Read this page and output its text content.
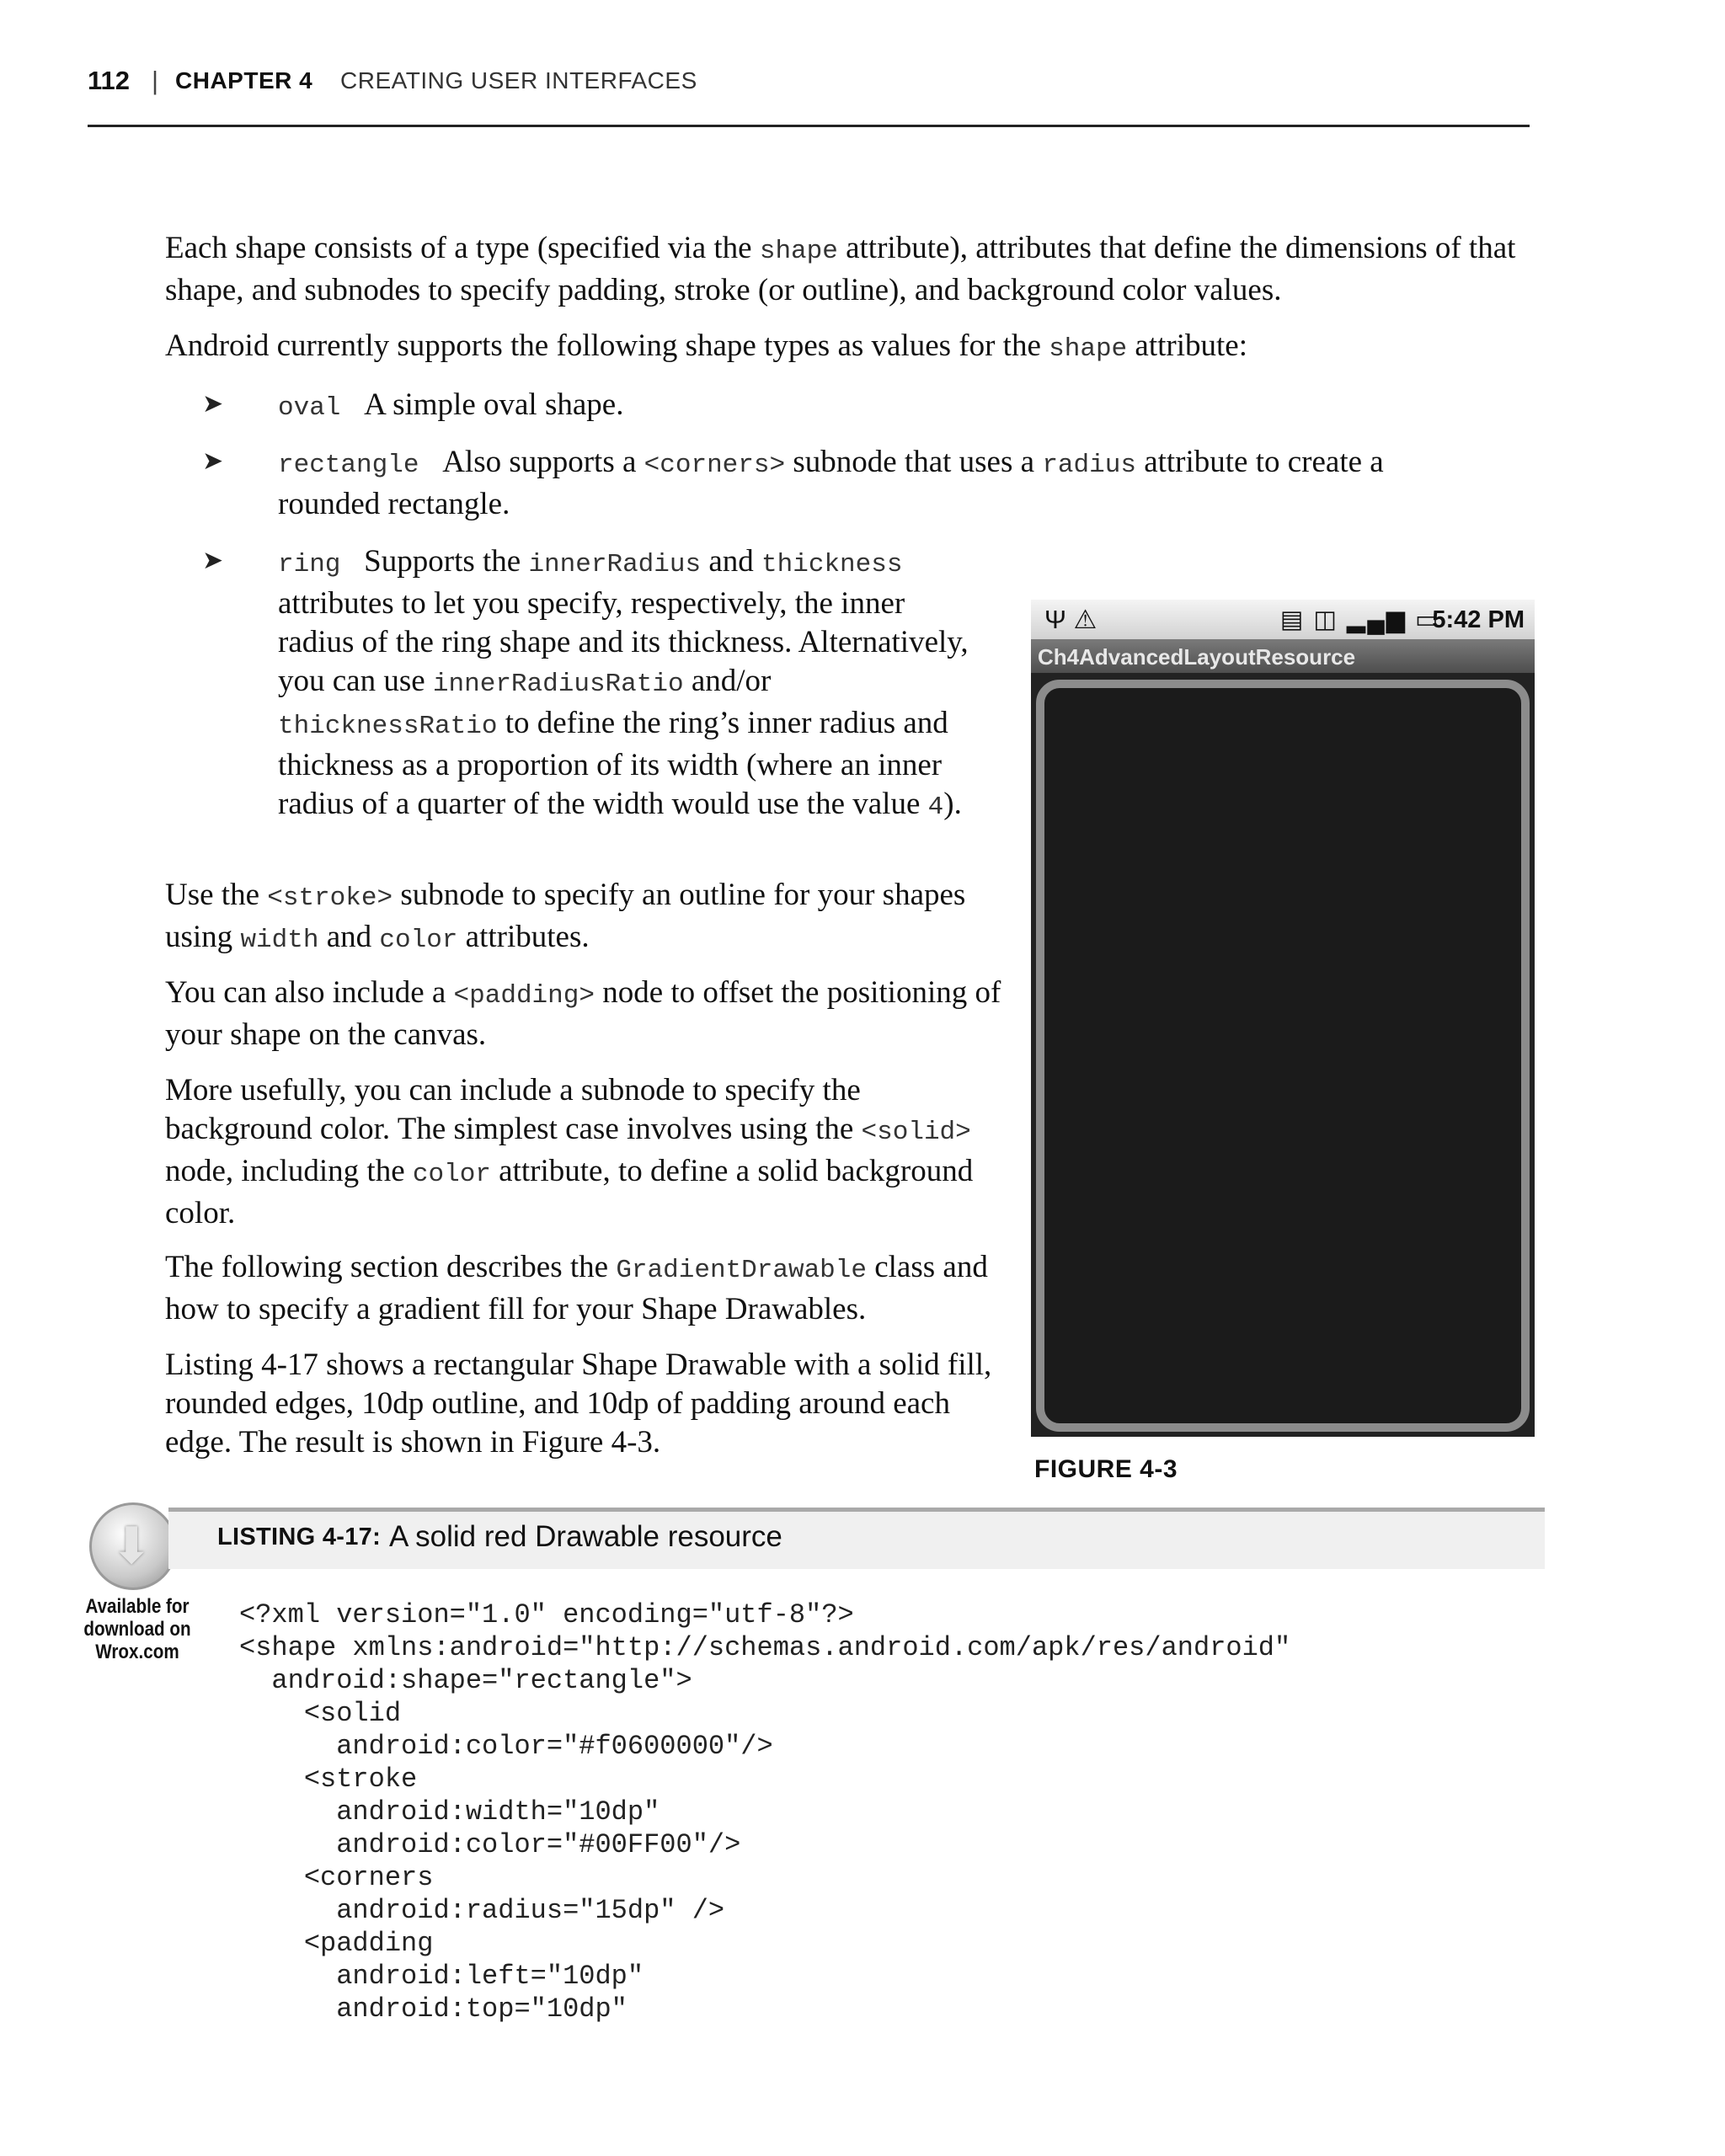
112 | CHAPTER 4 CREATING USER INTERFACES

Each shape consists of a type (specified via the shape attribute), attributes that define the dimensions of that shape, and subnodes to specify padding, stroke (or outline), and background color values.

Android currently supports the following shape types as values for the shape attribute:

➤ oval A simple oval shape.

➤ rectangle Also supports a <corners> subnode that uses a radius attribute to create a rounded rectangle.

➤ ring Supports the innerRadius and thickness attributes to let you specify, respectively, the inner radius of the ring shape and its thickness. Alternatively, you can use innerRadiusRatio and/or thicknessRatio to define the ring’s inner radius and thickness as a proportion of its width (where an inner radius of a quarter of the width would use the value 4).

Use the <stroke> subnode to specify an outline for your shapes using width and color attributes.

You can also include a <padding> node to offset the positioning of your shape on the canvas.

More usefully, you can include a subnode to specify the background color. The simplest case involves using the <solid> node, including the color attribute, to define a solid background color.

The following section describes the GradientDrawable class and how to specify a gradient fill for your Shape Drawables.

Listing 4-17 shows a rectangular Shape Drawable with a solid fill, rounded edges, 10dp outline, and 10dp of padding around each edge. The result is shown in Figure 4-3.

Ψ ⚠	▤ ◫ ▂▄▆ ▭
5:42 PM
Ch4AdvancedLayoutResource
FIGURE 4-3
⬇
Available for
download on
Wrox.com
LISTING 4-17: A solid red Drawable resource
<?xml version="1.0" encoding="utf-8"?>
<shape xmlns:android="http://schemas.android.com/apk/res/android"
android:shape="rectangle">
<solid
android:color="#f0600000"/>
<stroke
android:width="10dp"
android:color="#00FF00"/>
<corners
android:radius="15dp" />
<padding
android:left="10dp"
android:top="10dp"
